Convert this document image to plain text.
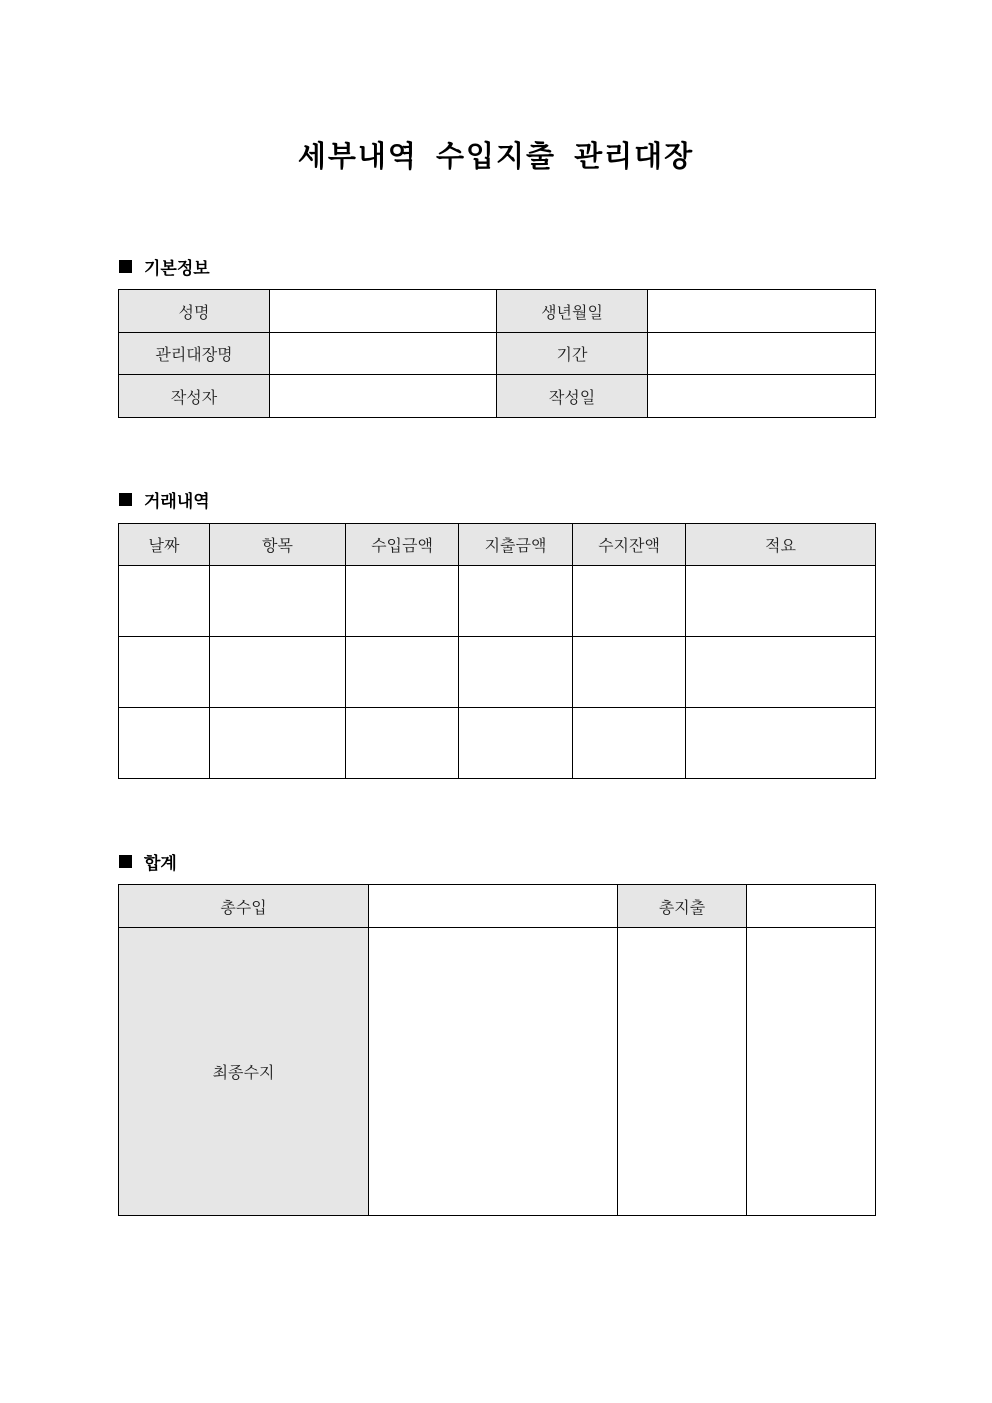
세부내역 수입지출 관리대장
기본정보
성명		생년월일	
관리대장명		기간	
작성자		작성일	
거래내역
날짜	항목	수입금액	지출금액	수지잔액	적요

합계
총수입		총지출	
최종수지			
